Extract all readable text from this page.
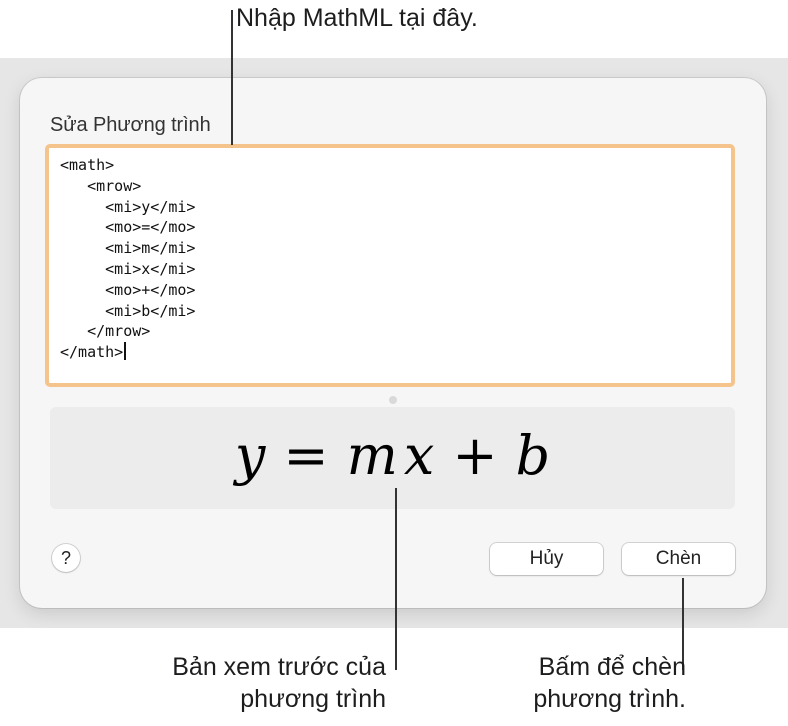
Sửa Phương trình
<math>
<mrow>
<mi>y</mi>
<mo>=</mo>
<mi>m</mi>
<mi>x</mi>
<mo>+</mo>
<mi>b</mi>
</mrow>
</math>
y = m x + b
?	Hủy	Chèn
Nhập MathML tại đây.
Bản xem trước của
phương trình
Bấm để chèn
phương trình.
